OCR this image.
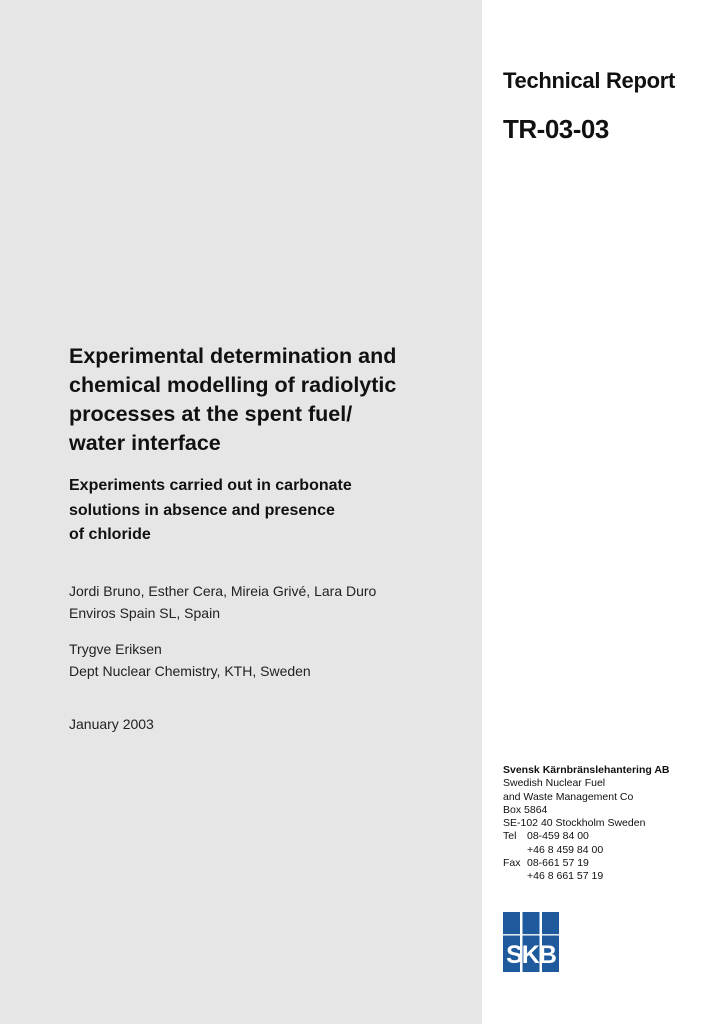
Technical Report
TR-03-03
Experimental determination and
chemical modelling of radiolytic
processes at the spent fuel/
water interface
Experiments carried out in carbonate
solutions in absence and presence
of chloride
Jordi Bruno, Esther Cera, Mireia Grivé, Lara Duro
Enviros Spain SL, Spain
Trygve Eriksen
Dept Nuclear Chemistry, KTH, Sweden
January 2003
Svensk Kärnbränslehantering AB
Swedish Nuclear Fuel
and Waste Management Co
Box 5864
SE-102 40 Stockholm Sweden
Tel	08-459 84 00
+46 8 459 84 00
Fax 08-661 57 19
+46 8 661 57 19
SKB
